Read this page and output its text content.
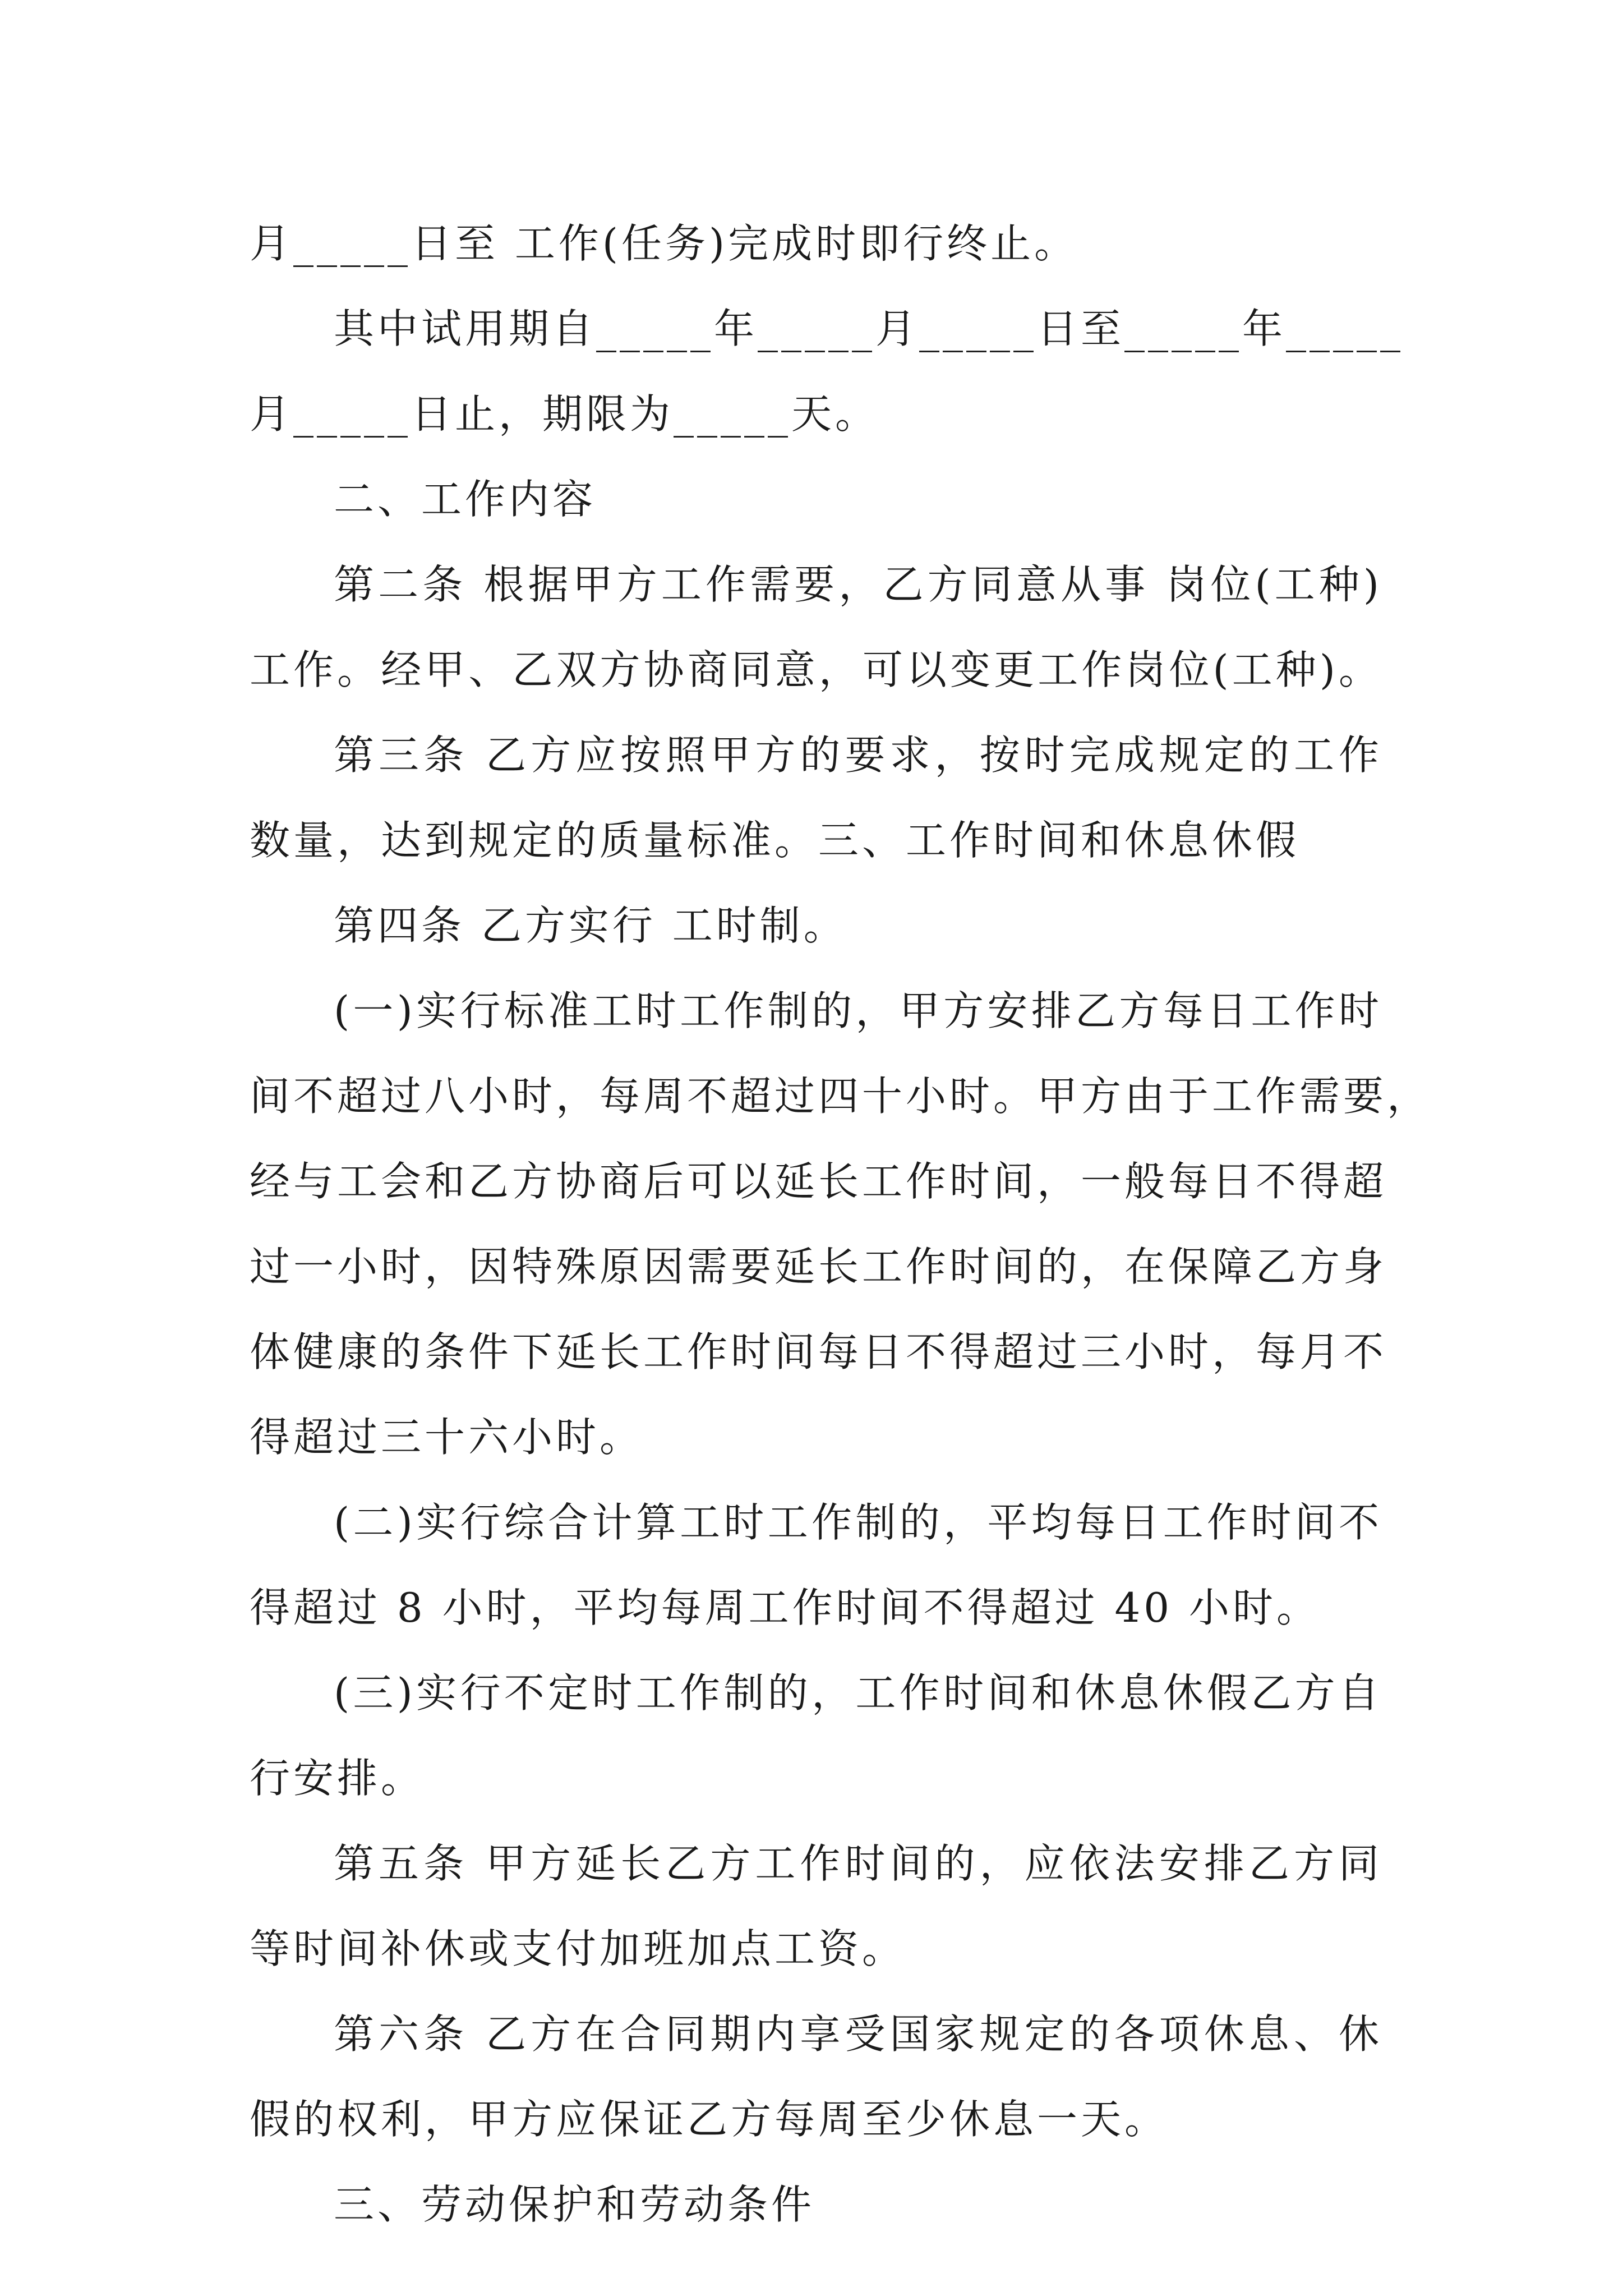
月_____日至 工作(任务)完成时即行终止。
其中试用期自_____年_____月_____日至_____年_____
月_____日止，期限为_____天。
二、工作内容
第二条 根据甲方工作需要，乙方同意从事 岗位(工种)
工作。经甲、乙双方协商同意，可以变更工作岗位(工种)。
第三条 乙方应按照甲方的要求，按时完成规定的工作
数量，达到规定的质量标准。三、工作时间和休息休假
第四条 乙方实行 工时制。
(一)实行标准工时工作制的，甲方安排乙方每日工作时
间不超过八小时，每周不超过四十小时。甲方由于工作需要，
经与工会和乙方协商后可以延长工作时间，一般每日不得超
过一小时，因特殊原因需要延长工作时间的，在保障乙方身
体健康的条件下延长工作时间每日不得超过三小时，每月不
得超过三十六小时。
(二)实行综合计算工时工作制的，平均每日工作时间不
得超过 8 小时，平均每周工作时间不得超过 40 小时。
(三)实行不定时工作制的，工作时间和休息休假乙方自
行安排。
第五条 甲方延长乙方工作时间的，应依法安排乙方同
等时间补休或支付加班加点工资。
第六条 乙方在合同期内享受国家规定的各项休息、休
假的权利，甲方应保证乙方每周至少休息一天。
三、劳动保护和劳动条件
